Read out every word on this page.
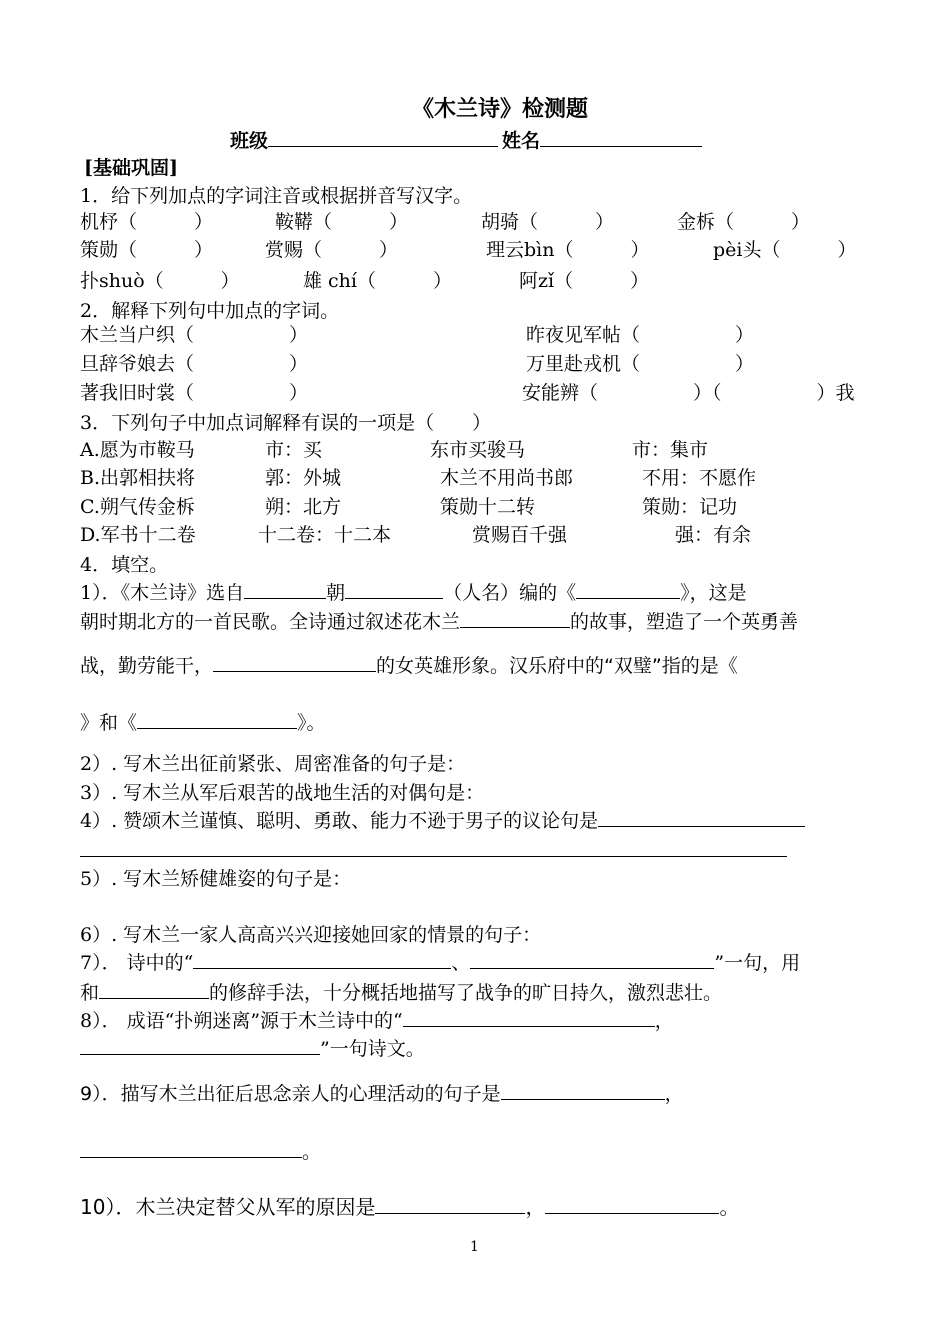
《木兰诗》检测题
班级	姓名
[基础巩固]
1．给下列加点的字词注音或根据拼音写汉字。
机杼（　　　）	鞍鞯（　　　）	胡骑（　　　）	金柝（　　　）
策勋（　　　）	赏赐（　　　）	理云bìn（　　　）	pèi头（　　　）
扑shuò（　　　）	雄 chí（　　　）	阿zǐ（　　　）
2．解释下列句中加点的字词。
木兰当户织（　　　　　）	昨夜见军帖（　　　　　）
旦辞爷娘去（　　　　　）	万里赴戎机（　　　　　）
著我旧时裳（　　　　　）	安能辨（　　　　　）（　　　　　）我
3．下列句子中加点词解释有误的一项是（　　）
A.愿为市鞍马	市：买	东市买骏马	市：集市
B.出郭相扶将	郭：外城	木兰不用尚书郎	不用：不愿作
C.朔气传金柝	朔：北方	策勋十二转	策勋：记功
D.军书十二卷	十二卷：十二本	赏赐百千强	强：有余
4．填空。
1）．《木兰诗》选自	朝	（人名）编的《	》，这是
朝时期北方的一首民歌。全诗通过叙述花木兰	的故事，塑造了一个英勇善
战，勤劳能干，	的女英雄形象。汉乐府中的“双璧”指的是《
》和《	》。
2）. 写木兰出征前紧张、周密准备的句子是：
3）. 写木兰从军后艰苦的战地生活的对偶句是：
4）. 赞颂木兰谨慎、聪明、勇敢、能力不逊于男子的议论句是
5）. 写木兰矫健雄姿的句子是：
6）. 写木兰一家人高高兴兴迎接她回家的情景的句子：
7）． 诗中的“	、	”一句，用
和	的修辞手法，十分概括地描写了战争的旷日持久，激烈悲壮。
8）． 成语“扑朔迷离”源于木兰诗中的“	，
”一句诗文。
9）．描写木兰出征后思念亲人的心理活动的句子是	，
。
10）．木兰决定替父从军的原因是	，	。
1
